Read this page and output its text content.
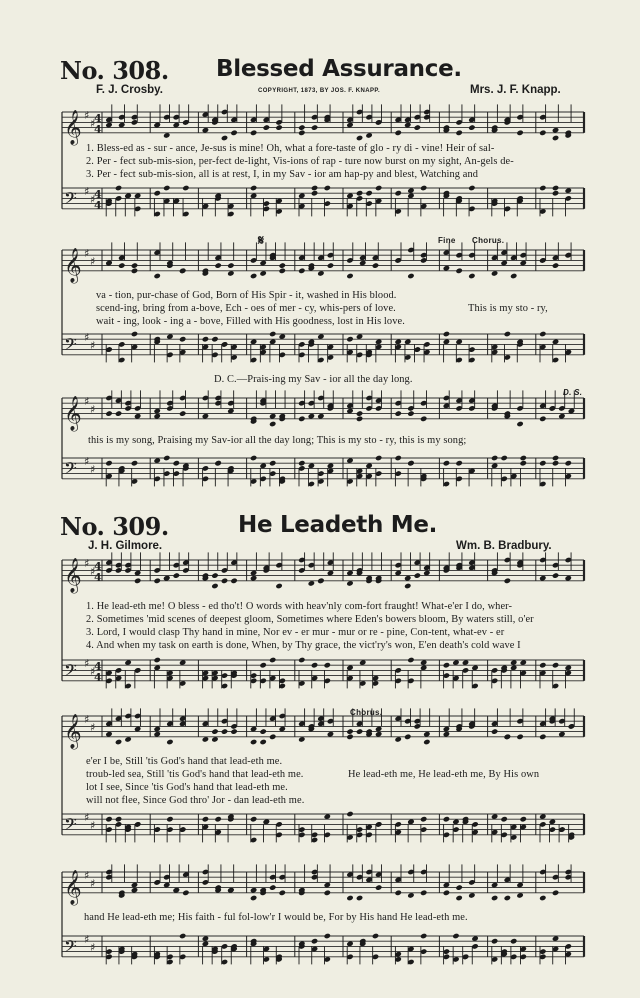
𝄞 ♯
♯
𝄢 ♯
♯
𝄞 ♯
♯
𝄢 ♯
♯
𝄞 ♯
♯
𝄢 ♯
♯
𝄞 ♯
♯
𝄢 ♯
♯
𝄞 ♯
♯
𝄢 ♯
♯
𝄞 ♯
♯
𝄢 ♯
♯
4
4
4
4
4
4
4
4
No. 308. Blessed Assurance.
F. J. Crosby.	COPYRIGHT, 1873, BY JOS. F. KNAPP.	Mrs. J. F. Knapp.
1. Bless-ed as - sur - ance, Je-sus is mine! Oh, what a fore-taste of glo - ry di - vine! Heir of sal-
2. Per - fect sub-mis-sion, per-fect de-light, Vis-ions of rap - ture now burst on my sight, An-gels de-
3. Per - fect sub-mis-sion, all is at rest, I, in my Sav - ior am hap-py and blest, Watching and
𝄋	Fine Chorus.
va - tion, pur-chase of God, Born of His Spir - it, washed in His blood.
scend-ing, bring from a-bove, Ech - oes of mer - cy, whis-pers of love.
wait - ing, look - ing a - bove, Filled with His goodness, lost in His love.
This is my sto - ry,
D. C.—Prais-ing my Sav - ior all the day long.
D. S.
this is my song, Praising my Sav-ior all the day long; This is my sto - ry, this is my song;
No. 309.	He Leadeth Me.
J. H. Gilmore.	Wm. B. Bradbury.
1. He lead-eth me! O bless - ed tho't! O words with heav'nly com-fort fraught! What-e'er I do, wher-
2. Sometimes 'mid scenes of deepest gloom, Sometimes where Eden's bowers bloom, By waters still, o'er
3. Lord, I would clasp Thy hand in mine, Nor ev - er mur - mur or re - pine, Con-tent, what-ev - er
4. And when my task on earth is done, When, by Thy grace, the vict'ry's won, E'en death's cold wave I
Chorus.
e'er I be, Still 'tis God's hand that lead-eth me.
troub-led sea, Still 'tis God's hand that lead-eth me.
lot I see, Since 'tis God's hand that lead-eth me.
will not flee, Since God thro' Jor - dan lead-eth me.
He lead-eth me, He lead-eth me, By His own
hand He lead-eth me; His faith - ful fol-low'r I would be, For by His hand He lead-eth me.
